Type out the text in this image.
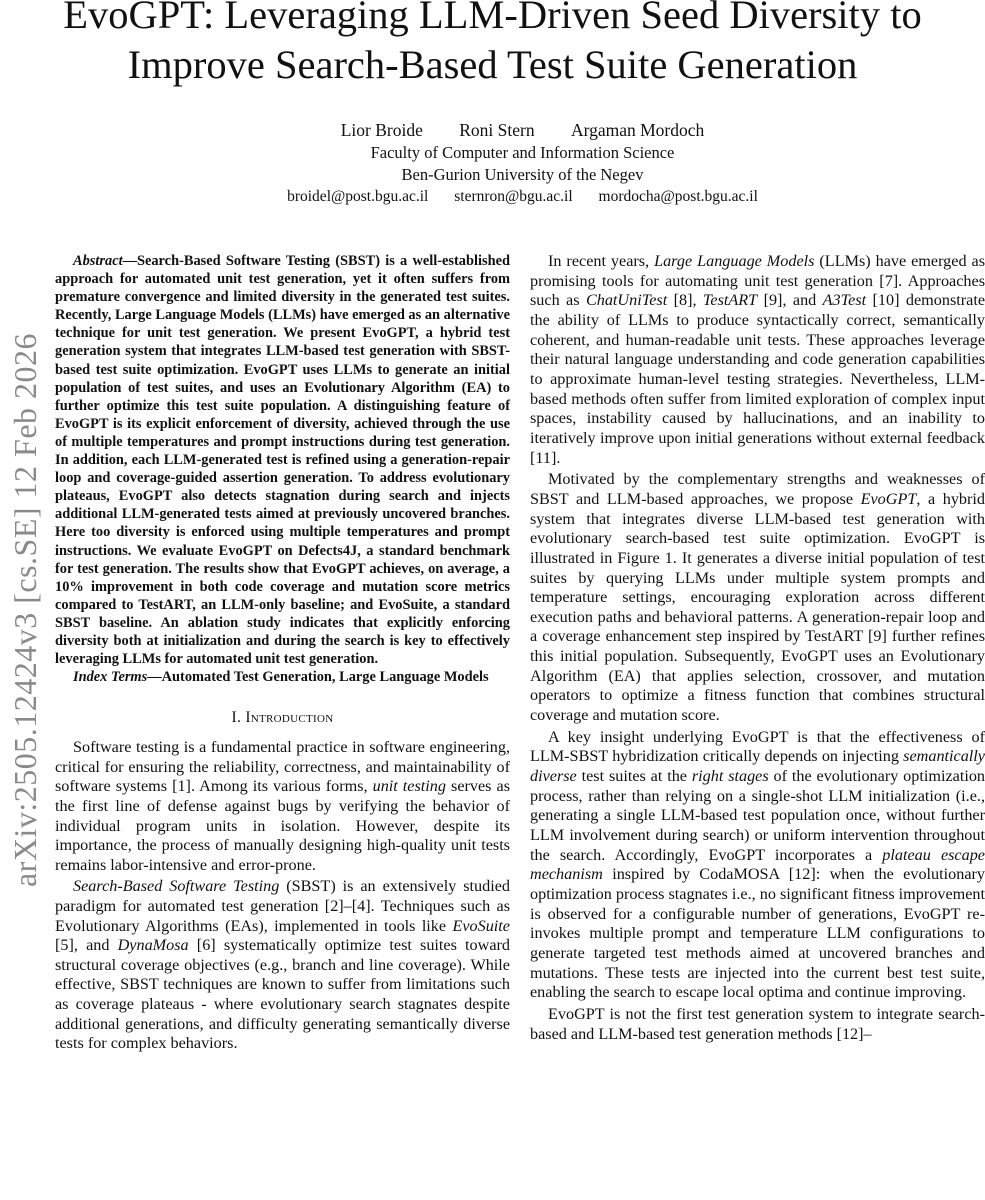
arXiv:2505.12424v3 [cs.SE] 12 Feb 2026
EvoGPT: Leveraging LLM-Driven Seed Diversity to
Improve Search-Based Test Suite Generation
Lior Broide Roni Stern Argaman Mordoch
Faculty of Computer and Information Science
Ben-Gurion University of the Negev
broidel@post.bgu.ac.il sternron@bgu.ac.il mordocha@post.bgu.ac.il

Abstract—Search-Based Software Testing (SBST) is a well-established approach for automated unit test generation, yet it often suffers from premature convergence and limited diversity in the generated test suites. Recently, Large Language Models (LLMs) have emerged as an alternative technique for unit test generation. We present EvoGPT, a hybrid test generation system that integrates LLM-based test generation with SBST-based test suite optimization. EvoGPT uses LLMs to generate an initial population of test suites, and uses an Evolutionary Algorithm (EA) to further optimize this test suite population. A distinguishing feature of EvoGPT is its explicit enforcement of diversity, achieved through the use of multiple temperatures and prompt instructions during test generation. In addition, each LLM-generated test is refined using a generation-repair loop and coverage-guided assertion generation. To address evolutionary plateaus, EvoGPT also detects stagnation during search and injects additional LLM-generated tests aimed at previously uncovered branches. Here too diversity is enforced using multiple temperatures and prompt instructions. We evaluate EvoGPT on Defects4J, a standard benchmark for test generation. The results show that EvoGPT achieves, on average, a 10% improvement in both code coverage and mutation score metrics compared to TestART, an LLM-only baseline; and EvoSuite, a standard SBST baseline. An ablation study indicates that explicitly enforcing diversity both at initialization and during the search is key to effectively leveraging LLMs for automated unit test generation.

Index Terms—Automated Test Generation, Large Language Models

I. Introduction

Software testing is a fundamental practice in software engineering, critical for ensuring the reliability, correctness, and maintainability of software systems [1]. Among its various forms, unit testing serves as the first line of defense against bugs by verifying the behavior of individual program units in isolation. However, despite its importance, the process of manually designing high-quality unit tests remains labor-intensive and error-prone.

Search-Based Software Testing (SBST) is an extensively studied paradigm for automated test generation [2]–[4]. Techniques such as Evolutionary Algorithms (EAs), implemented in tools like EvoSuite [5], and DynaMosa [6] systematically optimize test suites toward structural coverage objectives (e.g., branch and line coverage). While effective, SBST techniques are known to suffer from limitations such as coverage plateaus - where evolutionary search stagnates despite additional generations, and difficulty generating semantically diverse tests for complex behaviors.

In recent years, Large Language Models (LLMs) have emerged as promising tools for automating unit test generation [7]. Approaches such as ChatUniTest [8], TestART [9], and A3Test [10] demonstrate the ability of LLMs to produce syntactically correct, semantically coherent, and human-readable unit tests. These approaches leverage their natural language understanding and code generation capabilities to approximate human-level testing strategies. Nevertheless, LLM-based methods often suffer from limited exploration of complex input spaces, instability caused by hallucinations, and an inability to iteratively improve upon initial generations without external feedback [11].

Motivated by the complementary strengths and weaknesses of SBST and LLM-based approaches, we propose EvoGPT, a hybrid system that integrates diverse LLM-based test generation with evolutionary search-based test suite optimization. EvoGPT is illustrated in Figure 1. It generates a diverse initial population of test suites by querying LLMs under multiple system prompts and temperature settings, encouraging exploration across different execution paths and behavioral patterns. A generation-repair loop and a coverage enhancement step inspired by TestART [9] further refines this initial population. Subsequently, EvoGPT uses an Evolutionary Algorithm (EA) that applies selection, crossover, and mutation operators to optimize a fitness function that combines structural coverage and mutation score.

A key insight underlying EvoGPT is that the effectiveness of LLM-SBST hybridization critically depends on injecting semantically diverse test suites at the right stages of the evolutionary optimization process, rather than relying on a single-shot LLM initialization (i.e., generating a single LLM-based test population once, without further LLM involvement during search) or uniform intervention throughout the search. Accordingly, EvoGPT incorporates a plateau escape mechanism inspired by CodaMOSA [12]: when the evolutionary optimization process stagnates i.e., no significant fitness improvement is observed for a configurable number of generations, EvoGPT re-invokes multiple prompt and temperature LLM configurations to generate targeted test methods aimed at uncovered branches and mutations. These tests are injected into the current best test suite, enabling the search to escape local optima and continue improving.

EvoGPT is not the first test generation system to integrate search-based and LLM-based test generation methods [12]–
